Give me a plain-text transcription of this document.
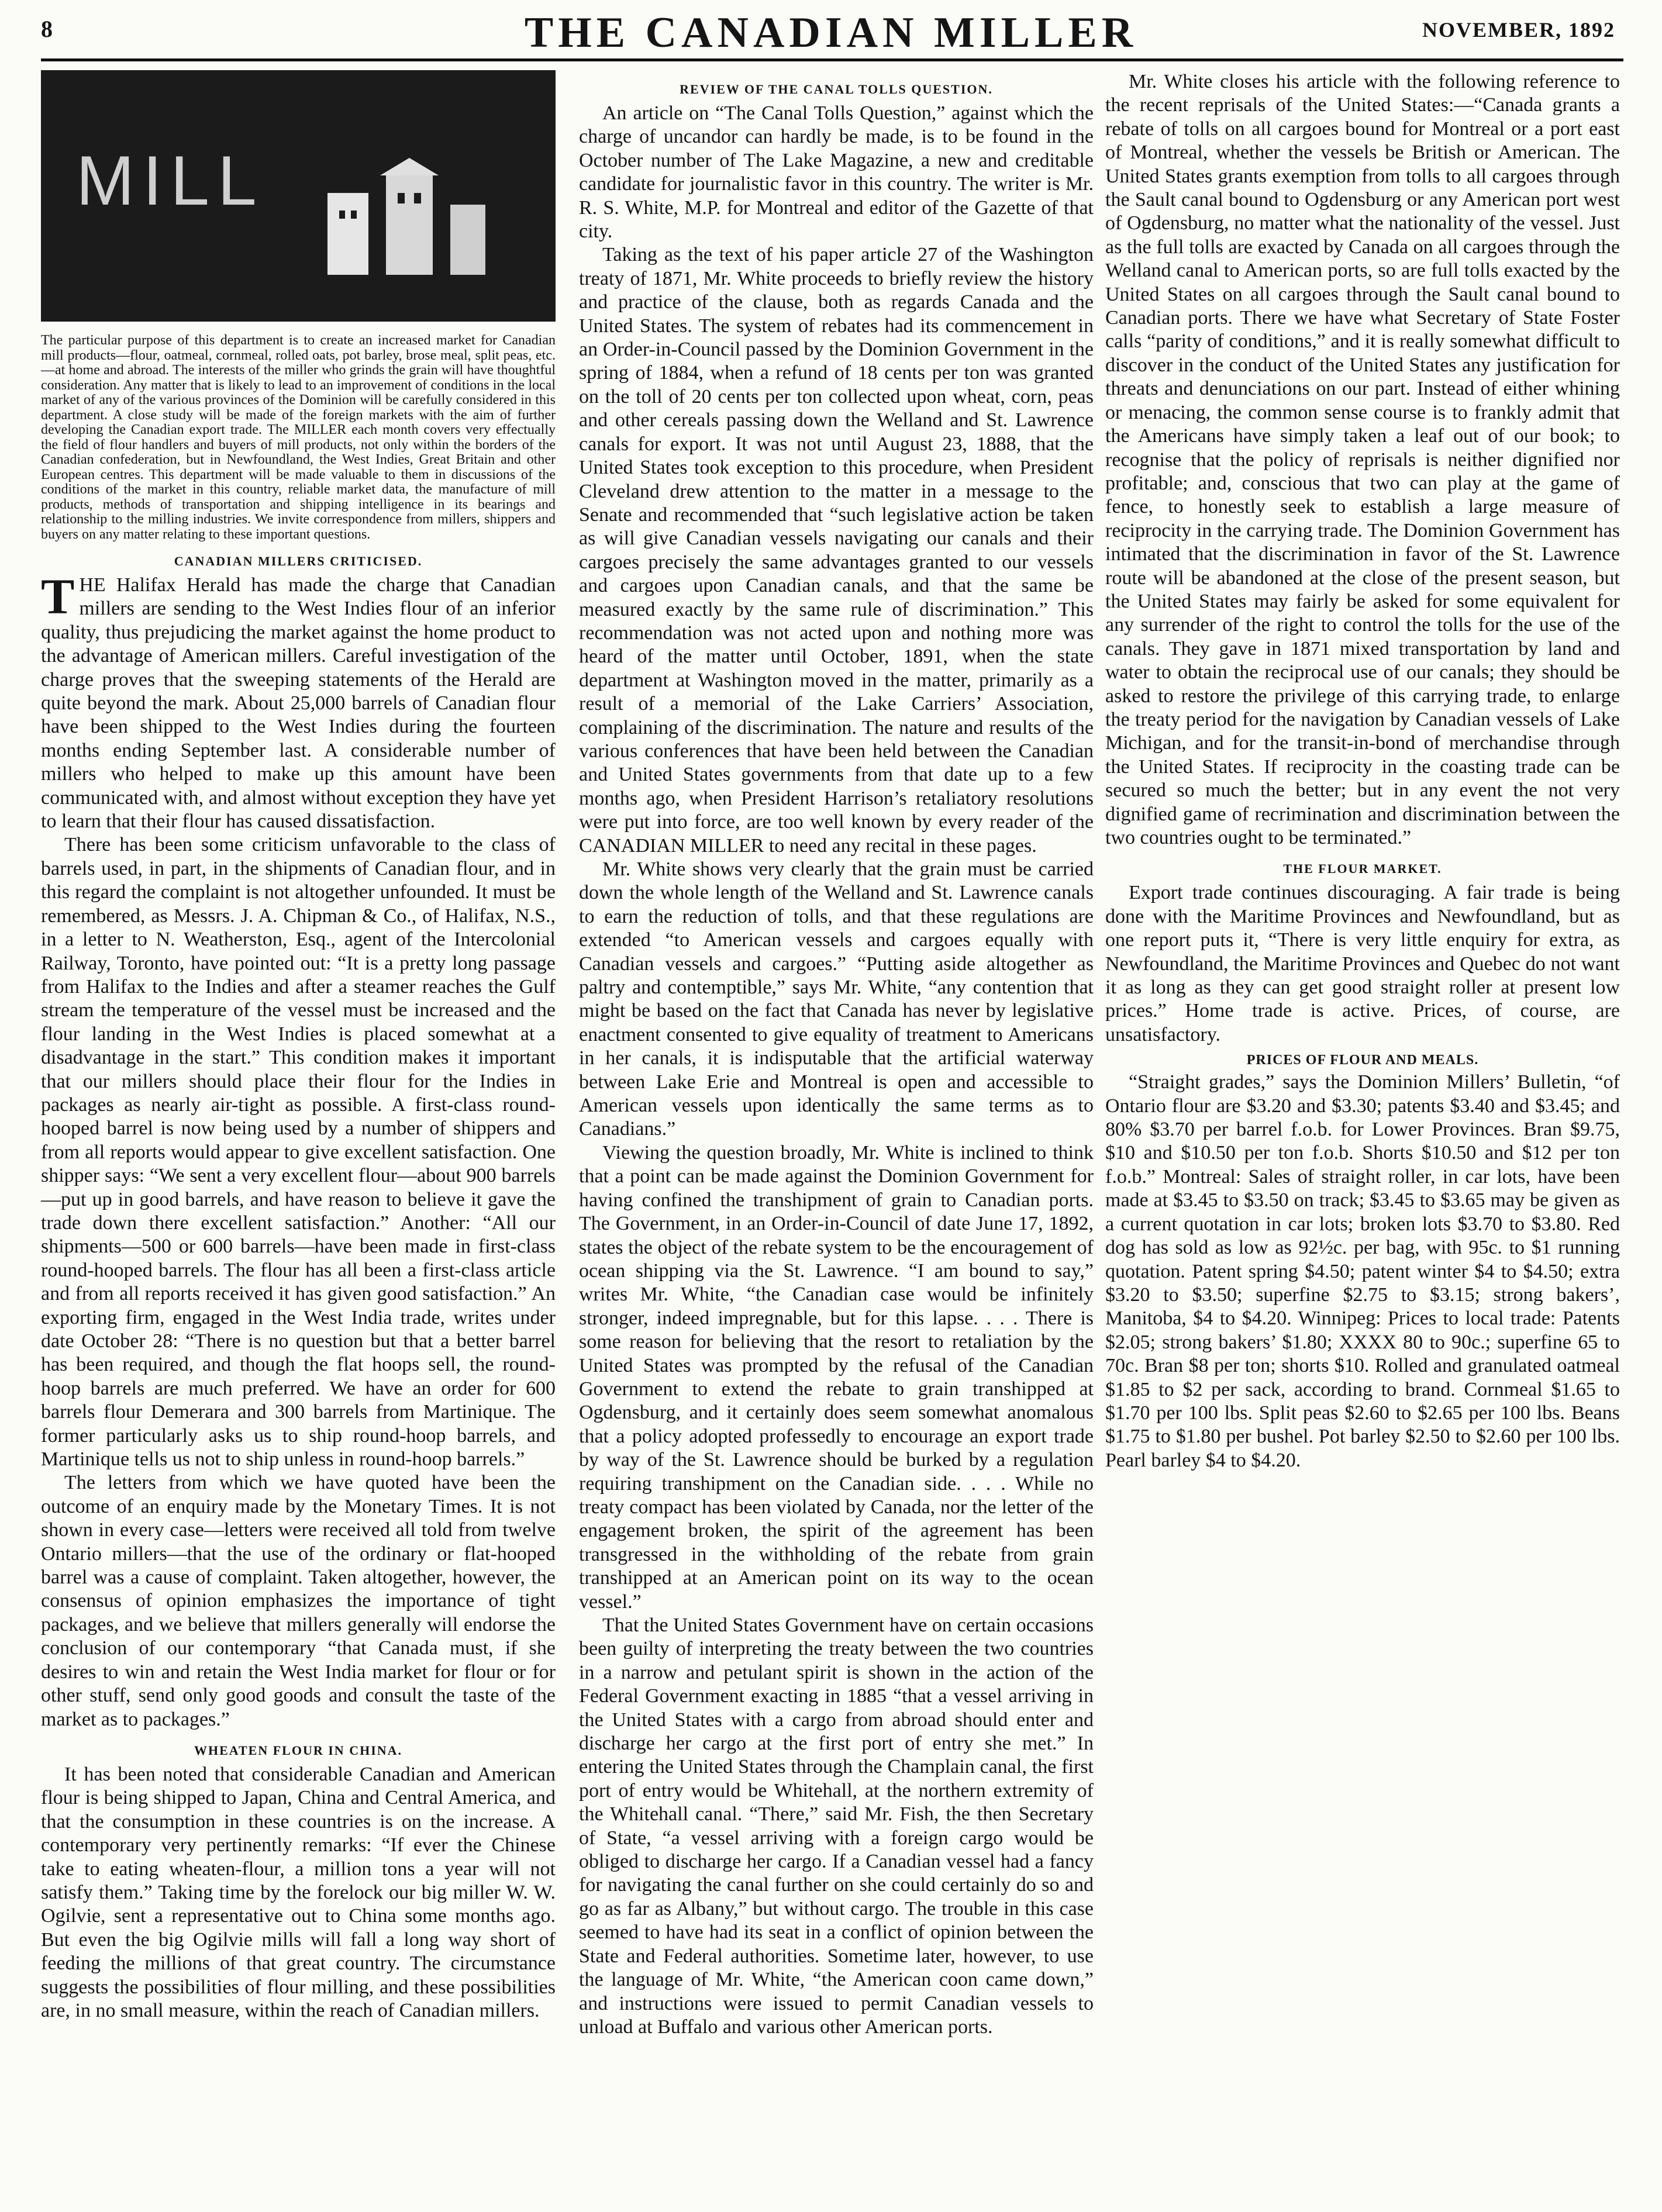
8	THE CANADIAN MILLER	NOVEMBER, 1892
MILL
The particular purpose of this department is to create an increased market for Canadian mill products—flour, oatmeal, cornmeal, rolled oats, pot barley, brose meal, split peas, etc.—at home and abroad. The interests of the miller who grinds the grain will have thoughtful consideration. Any matter that is likely to lead to an improvement of conditions in the local market of any of the various provinces of the Dominion will be carefully considered in this department. A close study will be made of the foreign markets with the aim of further developing the Canadian export trade. The MILLER each month covers very effectually the field of flour handlers and buyers of mill products, not only within the borders of the Canadian confederation, but in Newfoundland, the West Indies, Great Britain and other European centres. This department will be made valuable to them in discussions of the conditions of the market in this country, reliable market data, the manufacture of mill products, methods of transportation and shipping intelligence in its bearings and relationship to the milling industries. We invite correspondence from millers, shippers and buyers on any matter relating to these important questions.
CANADIAN MILLERS CRITICISED.

THE Halifax Herald has made the charge that Canadian millers are sending to the West Indies flour of an inferior quality, thus prejudicing the market against the home product to the advantage of American millers. Careful investigation of the charge proves that the sweeping statements of the Herald are quite beyond the mark. About 25,000 barrels of Canadian flour have been shipped to the West Indies during the fourteen months ending September last. A considerable number of millers who helped to make up this amount have been communicated with, and almost without exception they have yet to learn that their flour has caused dissatisfaction.

There has been some criticism unfavorable to the class of barrels used, in part, in the shipments of Canadian flour, and in this regard the complaint is not altogether unfounded. It must be remembered, as Messrs. J. A. Chipman & Co., of Halifax, N.S., in a letter to N. Weatherston, Esq., agent of the Intercolonial Railway, Toronto, have pointed out: “It is a pretty long passage from Halifax to the Indies and after a steamer reaches the Gulf stream the temperature of the vessel must be increased and the flour landing in the West Indies is placed somewhat at a disadvantage in the start.” This condition makes it important that our millers should place their flour for the Indies in packages as nearly air-tight as possible. A first-class round-hooped barrel is now being used by a number of shippers and from all reports would appear to give excellent satisfaction. One shipper says: “We sent a very excellent flour—about 900 barrels—put up in good barrels, and have reason to believe it gave the trade down there excellent satisfaction.” Another: “All our shipments—500 or 600 barrels—have been made in first-class round-hooped barrels. The flour has all been a first-class article and from all reports received it has given good satisfaction.” An exporting firm, engaged in the West India trade, writes under date October 28: “There is no question but that a better barrel has been required, and though the flat hoops sell, the round-hoop barrels are much preferred. We have an order for 600 barrels flour Demerara and 300 barrels from Martinique. The former particularly asks us to ship round-hoop barrels, and Martinique tells us not to ship unless in round-hoop barrels.”

The letters from which we have quoted have been the outcome of an enquiry made by the Monetary Times. It is not shown in every case—letters were received all told from twelve Ontario millers—that the use of the ordinary or flat-hooped barrel was a cause of complaint. Taken altogether, however, the consensus of opinion emphasizes the importance of tight packages, and we believe that millers generally will endorse the conclusion of our contemporary “that Canada must, if she desires to win and retain the West India market for flour or for other stuff, send only good goods and consult the taste of the market as to packages.”

WHEATEN FLOUR IN CHINA.

It has been noted that considerable Canadian and American flour is being shipped to Japan, China and Central America, and that the consumption in these countries is on the increase. A contemporary very pertinently remarks: “If ever the Chinese take to eating wheaten-flour, a million tons a year will not satisfy them.” Taking time by the forelock our big miller W. W. Ogilvie, sent a representative out to China some months ago. But even the big Ogilvie mills will fall a long way short of feeding the millions of that great country. The circumstance suggests the possibilities of flour milling, and these possibilities are, in no small measure, within the reach of Canadian millers.

REVIEW OF THE CANAL TOLLS QUESTION.

An article on “The Canal Tolls Question,” against which the charge of uncandor can hardly be made, is to be found in the October number of The Lake Magazine, a new and creditable candidate for journalistic favor in this country. The writer is Mr. R. S. White, M.P. for Montreal and editor of the Gazette of that city.

Taking as the text of his paper article 27 of the Washington treaty of 1871, Mr. White proceeds to briefly review the history and practice of the clause, both as regards Canada and the United States. The system of rebates had its commencement in an Order-in-Council passed by the Dominion Government in the spring of 1884, when a refund of 18 cents per ton was granted on the toll of 20 cents per ton collected upon wheat, corn, peas and other cereals passing down the Welland and St. Lawrence canals for export. It was not until August 23, 1888, that the United States took exception to this procedure, when President Cleveland drew attention to the matter in a message to the Senate and recommended that “such legislative action be taken as will give Canadian vessels navigating our canals and their cargoes precisely the same advantages granted to our vessels and cargoes upon Canadian canals, and that the same be measured exactly by the same rule of discrimination.” This recommendation was not acted upon and nothing more was heard of the matter until October, 1891, when the state department at Washington moved in the matter, primarily as a result of a memorial of the Lake Carriers’ Association, complaining of the discrimination. The nature and results of the various conferences that have been held between the Canadian and United States governments from that date up to a few months ago, when President Harrison’s retaliatory resolutions were put into force, are too well known by every reader of the CANADIAN MILLER to need any recital in these pages.

Mr. White shows very clearly that the grain must be carried down the whole length of the Welland and St. Lawrence canals to earn the reduction of tolls, and that these regulations are extended “to American vessels and cargoes equally with Canadian vessels and cargoes.” “Putting aside altogether as paltry and contemptible,” says Mr. White, “any contention that might be based on the fact that Canada has never by legislative enactment consented to give equality of treatment to Americans in her canals, it is indisputable that the artificial waterway between Lake Erie and Montreal is open and accessible to American vessels upon identically the same terms as to Canadians.”

Viewing the question broadly, Mr. White is inclined to think that a point can be made against the Dominion Government for having confined the transhipment of grain to Canadian ports. The Government, in an Order-in-Council of date June 17, 1892, states the object of the rebate system to be the encouragement of ocean shipping via the St. Lawrence. “I am bound to say,” writes Mr. White, “the Canadian case would be infinitely stronger, indeed impregnable, but for this lapse. . . . There is some reason for believing that the resort to retaliation by the United States was prompted by the refusal of the Canadian Government to extend the rebate to grain transhipped at Ogdensburg, and it certainly does seem somewhat anomalous that a policy adopted professedly to encourage an export trade by way of the St. Lawrence should be burked by a regulation requiring transhipment on the Canadian side. . . . While no treaty compact has been violated by Canada, nor the letter of the engagement broken, the spirit of the agreement has been transgressed in the withholding of the rebate from grain transhipped at an American point on its way to the ocean vessel.”

That the United States Government have on certain occasions been guilty of interpreting the treaty between the two countries in a narrow and petulant spirit is shown in the action of the Federal Government exacting in 1885 “that a vessel arriving in the United States with a cargo from abroad should enter and discharge her cargo at the first port of entry she met.” In entering the United States through the Champlain canal, the first port of entry would be Whitehall, at the northern extremity of the Whitehall canal. “There,” said Mr. Fish, the then Secretary of State, “a vessel arriving with a foreign cargo would be obliged to discharge her cargo. If a Canadian vessel had a fancy for navigating the canal further on she could certainly do so and go as far as Albany,” but without cargo. The trouble in this case seemed to have had its seat in a conflict of opinion between the State and Federal authorities. Sometime later, however, to use the language of Mr. White, “the American coon came down,” and instructions were issued to permit Canadian vessels to unload at Buffalo and various other American ports.

Mr. White closes his article with the following reference to the recent reprisals of the United States:—“Canada grants a rebate of tolls on all cargoes bound for Montreal or a port east of Montreal, whether the vessels be British or American. The United States grants exemption from tolls to all cargoes through the Sault canal bound to Ogdensburg or any American port west of Ogdensburg, no matter what the nationality of the vessel. Just as the full tolls are exacted by Canada on all cargoes through the Welland canal to American ports, so are full tolls exacted by the United States on all cargoes through the Sault canal bound to Canadian ports. There we have what Secretary of State Foster calls “parity of conditions,” and it is really somewhat difficult to discover in the conduct of the United States any justification for threats and denunciations on our part. Instead of either whining or menacing, the common sense course is to frankly admit that the Americans have simply taken a leaf out of our book; to recognise that the policy of reprisals is neither dignified nor profitable; and, conscious that two can play at the game of fence, to honestly seek to establish a large measure of reciprocity in the carrying trade. The Dominion Government has intimated that the discrimination in favor of the St. Lawrence route will be abandoned at the close of the present season, but the United States may fairly be asked for some equivalent for any surrender of the right to control the tolls for the use of the canals. They gave in 1871 mixed transportation by land and water to obtain the reciprocal use of our canals; they should be asked to restore the privilege of this carrying trade, to enlarge the treaty period for the navigation by Canadian vessels of Lake Michigan, and for the transit-in-bond of merchandise through the United States. If reciprocity in the coasting trade can be secured so much the better; but in any event the not very dignified game of recrimination and discrimination between the two countries ought to be terminated.”

THE FLOUR MARKET.

Export trade continues discouraging. A fair trade is being done with the Maritime Provinces and Newfoundland, but as one report puts it, “There is very little enquiry for extra, as Newfoundland, the Maritime Provinces and Quebec do not want it as long as they can get good straight roller at present low prices.” Home trade is active. Prices, of course, are unsatisfactory.

PRICES OF FLOUR AND MEALS.

“Straight grades,” says the Dominion Millers’ Bulletin, “of Ontario flour are $3.20 and $3.30; patents $3.40 and $3.45; and 80% $3.70 per barrel f.o.b. for Lower Provinces. Bran $9.75, $10 and $10.50 per ton f.o.b. Shorts $10.50 and $12 per ton f.o.b.” Montreal: Sales of straight roller, in car lots, have been made at $3.45 to $3.50 on track; $3.45 to $3.65 may be given as a current quotation in car lots; broken lots $3.70 to $3.80. Red dog has sold as low as 92½c. per bag, with 95c. to $1 running quotation. Patent spring $4.50; patent winter $4 to $4.50; extra $3.20 to $3.50; superfine $2.75 to $3.15; strong bakers’, Manitoba, $4 to $4.20. Winnipeg: Prices to local trade: Patents $2.05; strong bakers’ $1.80; XXXX 80 to 90c.; superfine 65 to 70c. Bran $8 per ton; shorts $10. Rolled and granulated oatmeal $1.85 to $2 per sack, according to brand. Cornmeal $1.65 to $1.70 per 100 lbs. Split peas $2.60 to $2.65 per 100 lbs. Beans $1.75 to $1.80 per bushel. Pot barley $2.50 to $2.60 per 100 lbs. Pearl barley $4 to $4.20.
